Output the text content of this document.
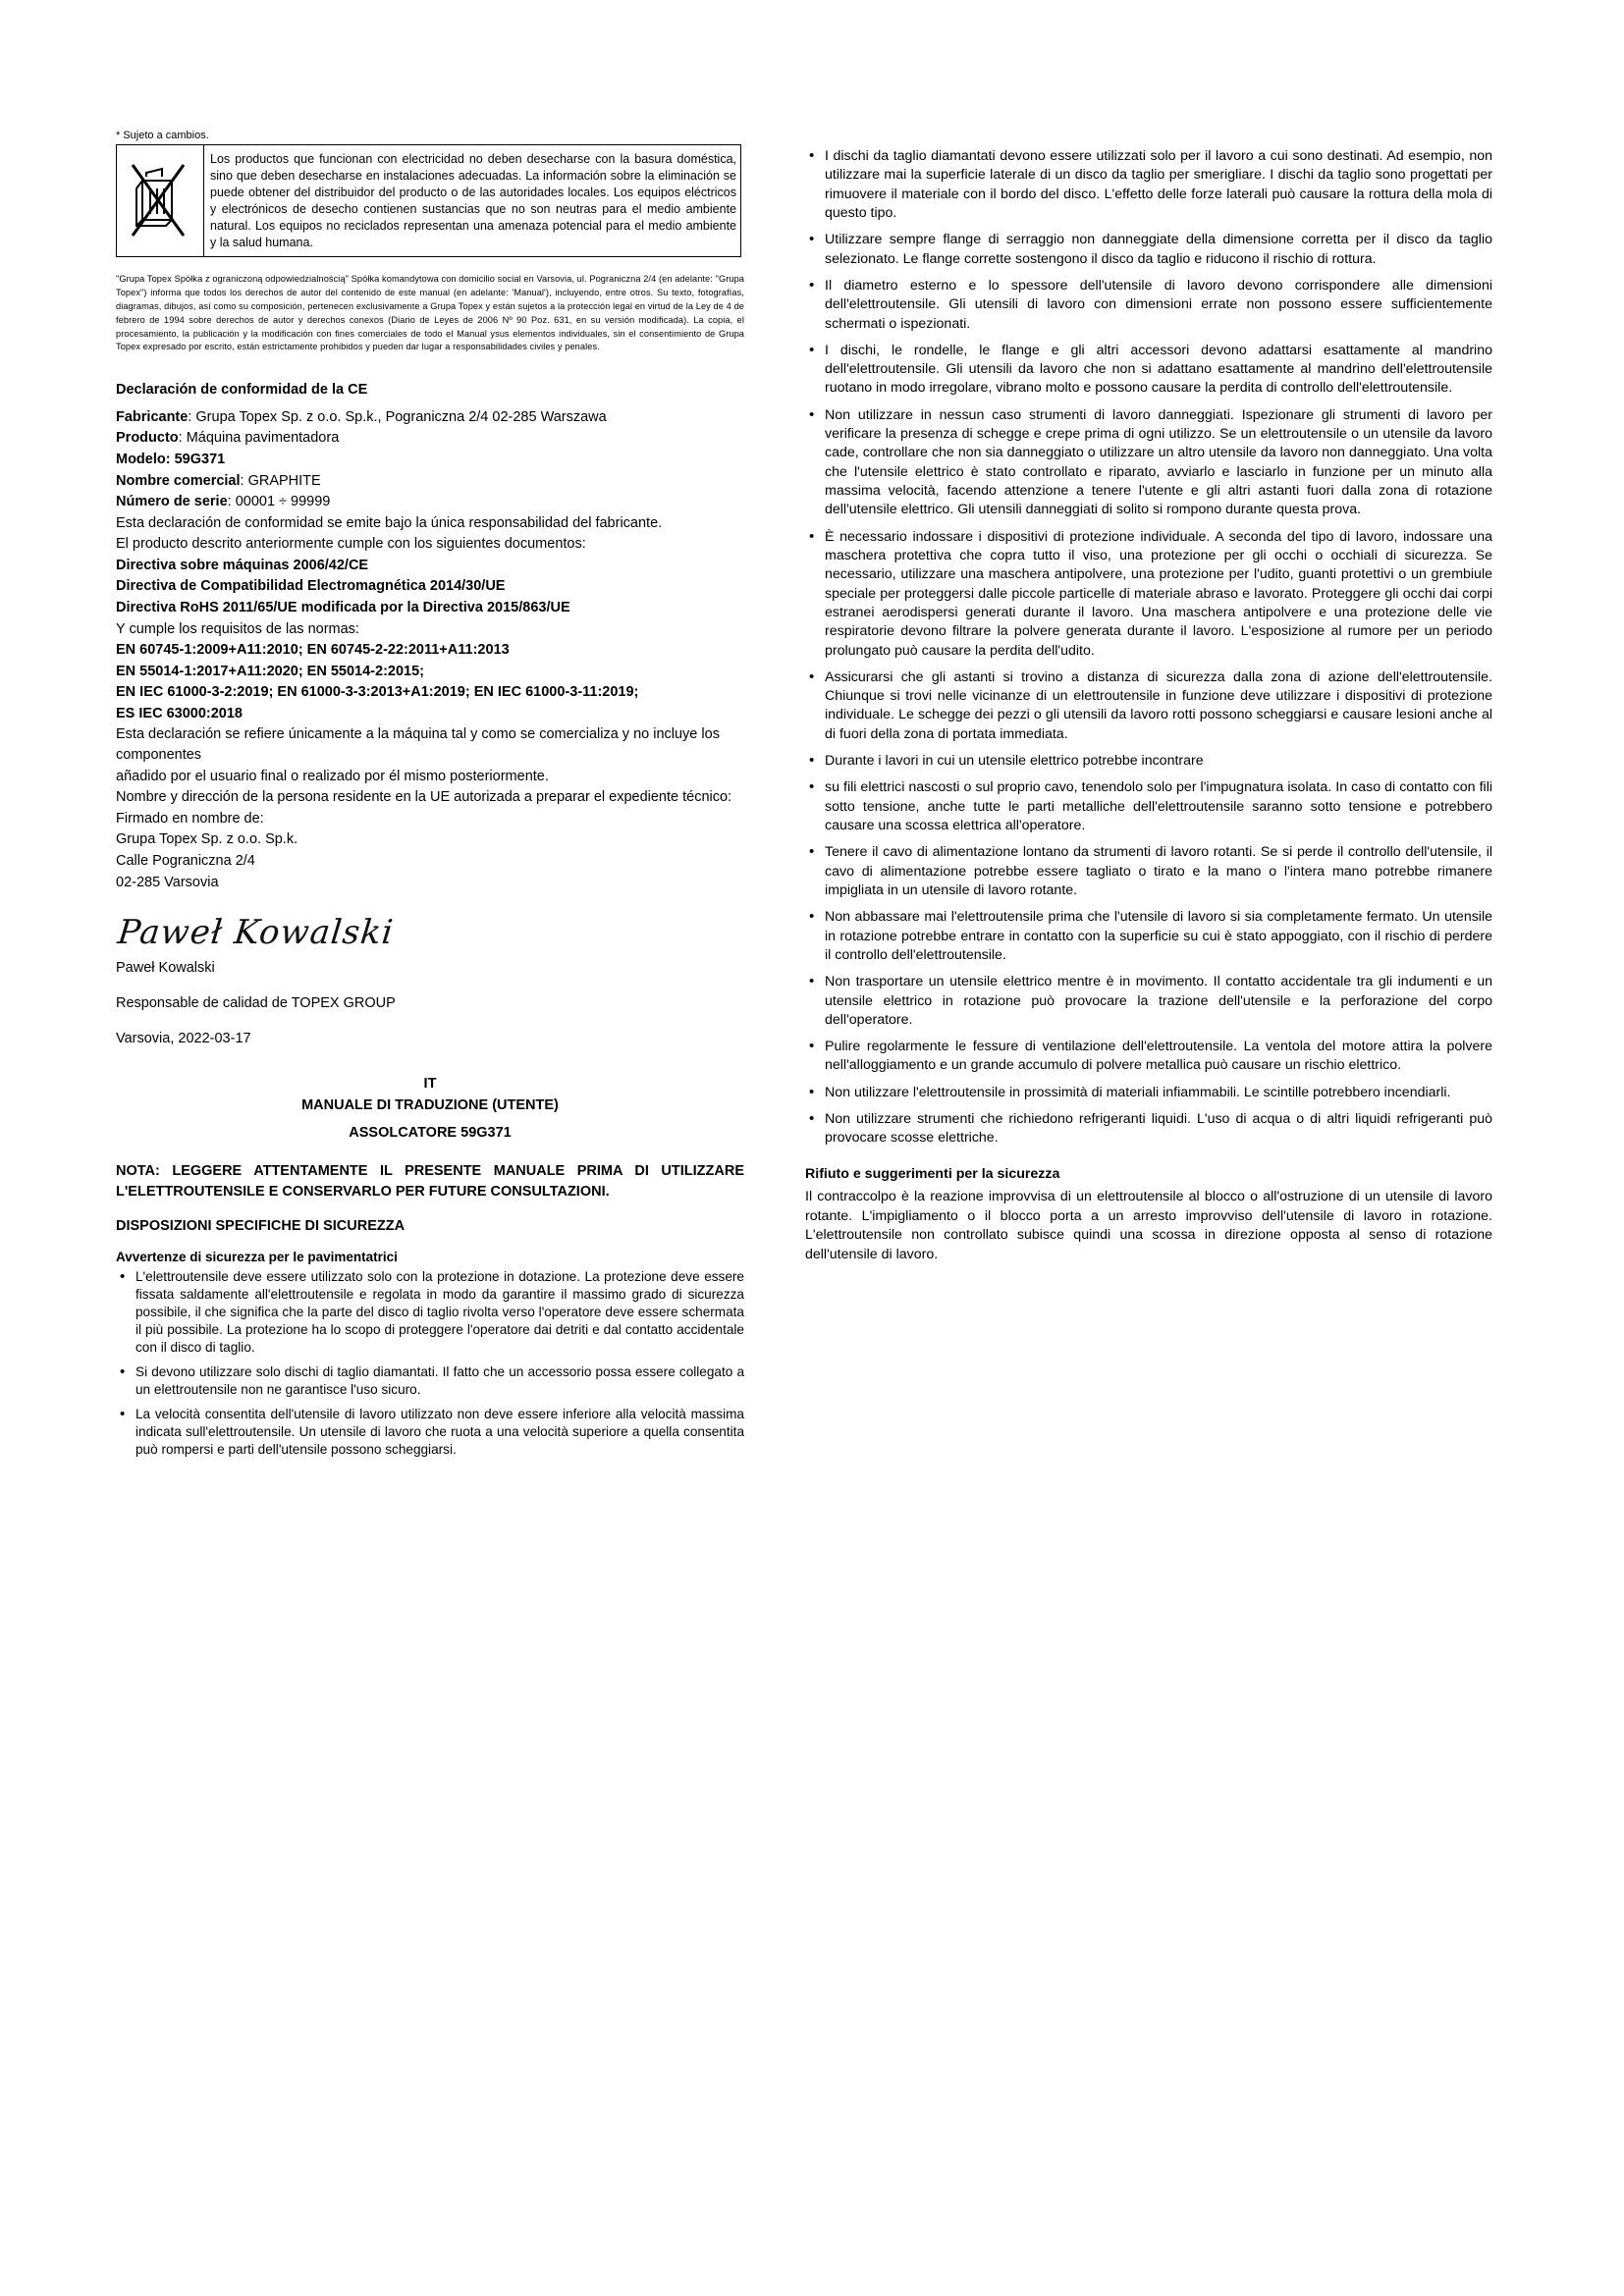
* Sujeto a cambios.
Los productos que funcionan con electricidad no deben desecharse con la basura doméstica, sino que deben desecharse en instalaciones adecuadas. La información sobre la eliminación se puede obtener del distribuidor del producto o de las autoridades locales. Los equipos eléctricos y electrónicos de desecho contienen sustancias que no son neutras para el medio ambiente natural. Los equipos no reciclados representan una amenaza potencial para el medio ambiente y la salud humana.
"Grupa Topex Spółka z ograniczoną odpowiedzialnością" Spółka komandytowa con domicilio social en Varsovia, ul. Pograniczna 2/4 (en adelante: "Grupa Topex") informa que todos los derechos de autor del contenido de este manual (en adelante: 'Manual'), incluyendo, entre otros. Su texto, fotografías, diagramas, dibujos, así como su composición, pertenecen exclusivamente a Grupa Topex y están sujetos a la protección legal en virtud de la Ley de 4 de febrero de 1994 sobre derechos de autor y derechos conexos (Diario de Leyes de 2006 Nº 90 Poz. 631, en su versión modificada). La copia, el procesamiento, la publicación y la modificación con fines comerciales de todo el Manual ysus elementos individuales, sin el consentimiento de Grupa Topex expresado por escrito, están estrictamente prohibidos y pueden dar lugar a responsabilidades civiles y penales.

Declaración de conformidad de la CE

Fabricante: Grupa Topex Sp. z o.o. Sp.k., Pograniczna 2/4 02-285 Warszawa

Producto: Máquina pavimentadora

Modelo: 59G371

Nombre comercial: GRAPHITE

Número de serie: 00001 ÷ 99999

Esta declaración de conformidad se emite bajo la única responsabilidad del fabricante.

El producto descrito anteriormente cumple con los siguientes documentos:

Directiva sobre máquinas 2006/42/CE

Directiva de Compatibilidad Electromagnética 2014/30/UE

Directiva RoHS 2011/65/UE modificada por la Directiva 2015/863/UE

Y cumple los requisitos de las normas:

EN 60745-1:2009+A11:2010; EN 60745-2-22:2011+A11:2013

EN 55014-1:2017+A11:2020; EN 55014-2:2015;

EN IEC 61000-3-2:2019; EN 61000-3-3:2013+A1:2019; EN IEC 61000-3-11:2019;

ES IEC 63000:2018

Esta declaración se refiere únicamente a la máquina tal y como se comercializa y no incluye los componentes

añadido por el usuario final o realizado por él mismo posteriormente.

Nombre y dirección de la persona residente en la UE autorizada a preparar el expediente técnico:

Firmado en nombre de:

Grupa Topex Sp. z o.o. Sp.k.

Calle Pograniczna 2/4

02-285 Varsovia

Paweł Kowalski

Paweł Kowalski

Responsable de calidad de TOPEX GROUP

Varsovia, 2022-03-17

IT
MANUALE DI TRADUZIONE (UTENTE)
ASSOLCATORE 59G371
NOTA: LEGGERE ATTENTAMENTE IL PRESENTE MANUALE PRIMA DI UTILIZZARE L'ELETTROUTENSILE E CONSERVARLO PER FUTURE CONSULTAZIONI.
DISPOSIZIONI SPECIFICHE DI SICUREZZA
Avvertenze di sicurezza per le pavimentatrici
• L'elettroutensile deve essere utilizzato solo con la protezione in dotazione. La protezione deve essere fissata saldamente all'elettroutensile e regolata in modo da garantire il massimo grado di sicurezza possibile, il che significa che la parte del disco di taglio rivolta verso l'operatore deve essere schermata il più possibile. La protezione ha lo scopo di proteggere l'operatore dai detriti e dal contatto accidentale con il disco di taglio.
• Si devono utilizzare solo dischi di taglio diamantati. Il fatto che un accessorio possa essere collegato a un elettroutensile non ne garantisce l'uso sicuro.
• La velocità consentita dell'utensile di lavoro utilizzato non deve essere inferiore alla velocità massima indicata sull'elettroutensile. Un utensile di lavoro che ruota a una velocità superiore a quella consentita può rompersi e parti dell'utensile possono scheggiarsi.
• I dischi da taglio diamantati devono essere utilizzati solo per il lavoro a cui sono destinati. Ad esempio, non utilizzare mai la superficie laterale di un disco da taglio per smerigliare. I dischi da taglio sono progettati per rimuovere il materiale con il bordo del disco. L'effetto delle forze laterali può causare la rottura della mola di questo tipo.
• Utilizzare sempre flange di serraggio non danneggiate della dimensione corretta per il disco da taglio selezionato. Le flange corrette sostengono il disco da taglio e riducono il rischio di rottura.
• Il diametro esterno e lo spessore dell'utensile di lavoro devono corrispondere alle dimensioni dell'elettroutensile. Gli utensili di lavoro con dimensioni errate non possono essere sufficientemente schermati o ispezionati.
• I dischi, le rondelle, le flange e gli altri accessori devono adattarsi esattamente al mandrino dell'elettroutensile. Gli utensili da lavoro che non si adattano esattamente al mandrino dell'elettroutensile ruotano in modo irregolare, vibrano molto e possono causare la perdita di controllo dell'elettroutensile.
• Non utilizzare in nessun caso strumenti di lavoro danneggiati. Ispezionare gli strumenti di lavoro per verificare la presenza di schegge e crepe prima di ogni utilizzo. Se un elettroutensile o un utensile da lavoro cade, controllare che non sia danneggiato o utilizzare un altro utensile da lavoro non danneggiato. Una volta che l'utensile elettrico è stato controllato e riparato, avviarlo e lasciarlo in funzione per un minuto alla massima velocità, facendo attenzione a tenere l'utente e gli altri astanti fuori dalla zona di rotazione dell'utensile elettrico. Gli utensili danneggiati di solito si rompono durante questa prova.
• È necessario indossare i dispositivi di protezione individuale. A seconda del tipo di lavoro, indossare una maschera protettiva che copra tutto il viso, una protezione per gli occhi o occhiali di sicurezza. Se necessario, utilizzare una maschera antipolvere, una protezione per l'udito, guanti protettivi o un grembiule speciale per proteggersi dalle piccole particelle di materiale abraso e lavorato. Proteggere gli occhi dai corpi estranei aerodispersi generati durante il lavoro. Una maschera antipolvere e una protezione delle vie respiratorie devono filtrare la polvere generata durante il lavoro. L'esposizione al rumore per un periodo prolungato può causare la perdita dell'udito.
• Assicurarsi che gli astanti si trovino a distanza di sicurezza dalla zona di azione dell'elettroutensile. Chiunque si trovi nelle vicinanze di un elettroutensile in funzione deve utilizzare i dispositivi di protezione individuale. Le schegge dei pezzi o gli utensili da lavoro rotti possono scheggiarsi e causare lesioni anche al di fuori della zona di portata immediata.
• Durante i lavori in cui un utensile elettrico potrebbe incontrare
• su fili elettrici nascosti o sul proprio cavo, tenendolo solo per l'impugnatura isolata. In caso di contatto con fili sotto tensione, anche tutte le parti metalliche dell'elettroutensile saranno sotto tensione e potrebbero causare una scossa elettrica all'operatore.
• Tenere il cavo di alimentazione lontano da strumenti di lavoro rotanti. Se si perde il controllo dell'utensile, il cavo di alimentazione potrebbe essere tagliato o tirato e la mano o l'intera mano potrebbe rimanere impigliata in un utensile di lavoro rotante.
• Non abbassare mai l'elettroutensile prima che l'utensile di lavoro si sia completamente fermato. Un utensile in rotazione potrebbe entrare in contatto con la superficie su cui è stato appoggiato, con il rischio di perdere il controllo dell'elettroutensile.
• Non trasportare un utensile elettrico mentre è in movimento. Il contatto accidentale tra gli indumenti e un utensile elettrico in rotazione può provocare la trazione dell'utensile e la perforazione del corpo dell'operatore.
• Pulire regolarmente le fessure di ventilazione dell'elettroutensile. La ventola del motore attira la polvere nell'alloggiamento e un grande accumulo di polvere metallica può causare un rischio elettrico.
• Non utilizzare l'elettroutensile in prossimità di materiali infiammabili. Le scintille potrebbero incendiarli.
• Non utilizzare strumenti che richiedono refrigeranti liquidi. L'uso di acqua o di altri liquidi refrigeranti può provocare scosse elettriche.
Rifiuto e suggerimenti per la sicurezza
Il contraccolpo è la reazione improvvisa di un elettroutensile al blocco o all'ostruzione di un utensile di lavoro rotante. L'impigliamento o il blocco porta a un arresto improvviso dell'utensile di lavoro in rotazione. L'elettroutensile non controllato subisce quindi una scossa in direzione opposta al senso di rotazione dell'utensile di lavoro.
